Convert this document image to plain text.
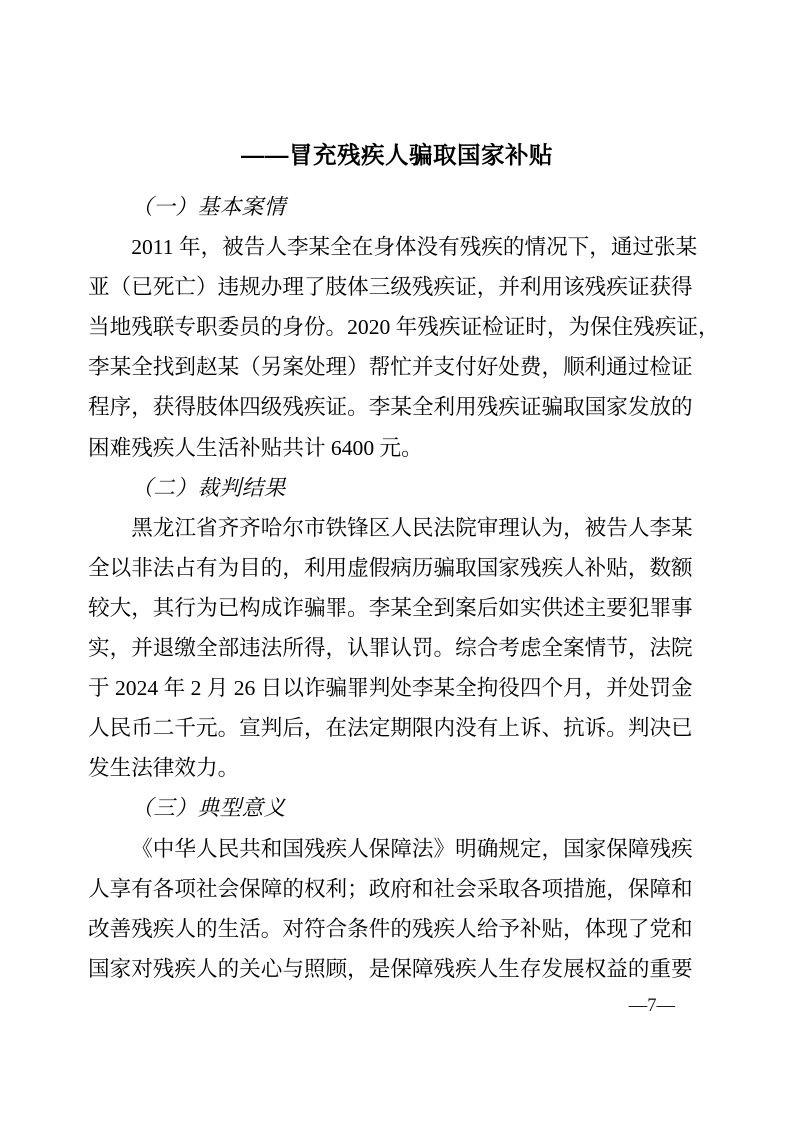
——冒充残疾人骗取国家补贴
（一）基本案情
2011 年，被告人李某全在身体没有残疾的情况下，通过张某
亚（已死亡）违规办理了肢体三级残疾证，并利用该残疾证获得
当地残联专职委员的身份。2020 年残疾证检证时，为保住残疾证，
李某全找到赵某（另案处理）帮忙并支付好处费，顺利通过检证
程序，获得肢体四级残疾证。李某全利用残疾证骗取国家发放的
困难残疾人生活补贴共计 6400 元。
（二）裁判结果
黑龙江省齐齐哈尔市铁锋区人民法院审理认为，被告人李某
全以非法占有为目的，利用虚假病历骗取国家残疾人补贴，数额
较大，其行为已构成诈骗罪。李某全到案后如实供述主要犯罪事
实，并退缴全部违法所得，认罪认罚。综合考虑全案情节，法院
于 2024 年 2 月 26 日以诈骗罪判处李某全拘役四个月，并处罚金
人民币二千元。宣判后，在法定期限内没有上诉、抗诉。判决已
发生法律效力。
（三）典型意义
《中华人民共和国残疾人保障法》明确规定，国家保障残疾
人享有各项社会保障的权利；政府和社会采取各项措施，保障和
改善残疾人的生活。对符合条件的残疾人给予补贴，体现了党和
国家对残疾人的关心与照顾，是保障残疾人生存发展权益的重要
—7—
